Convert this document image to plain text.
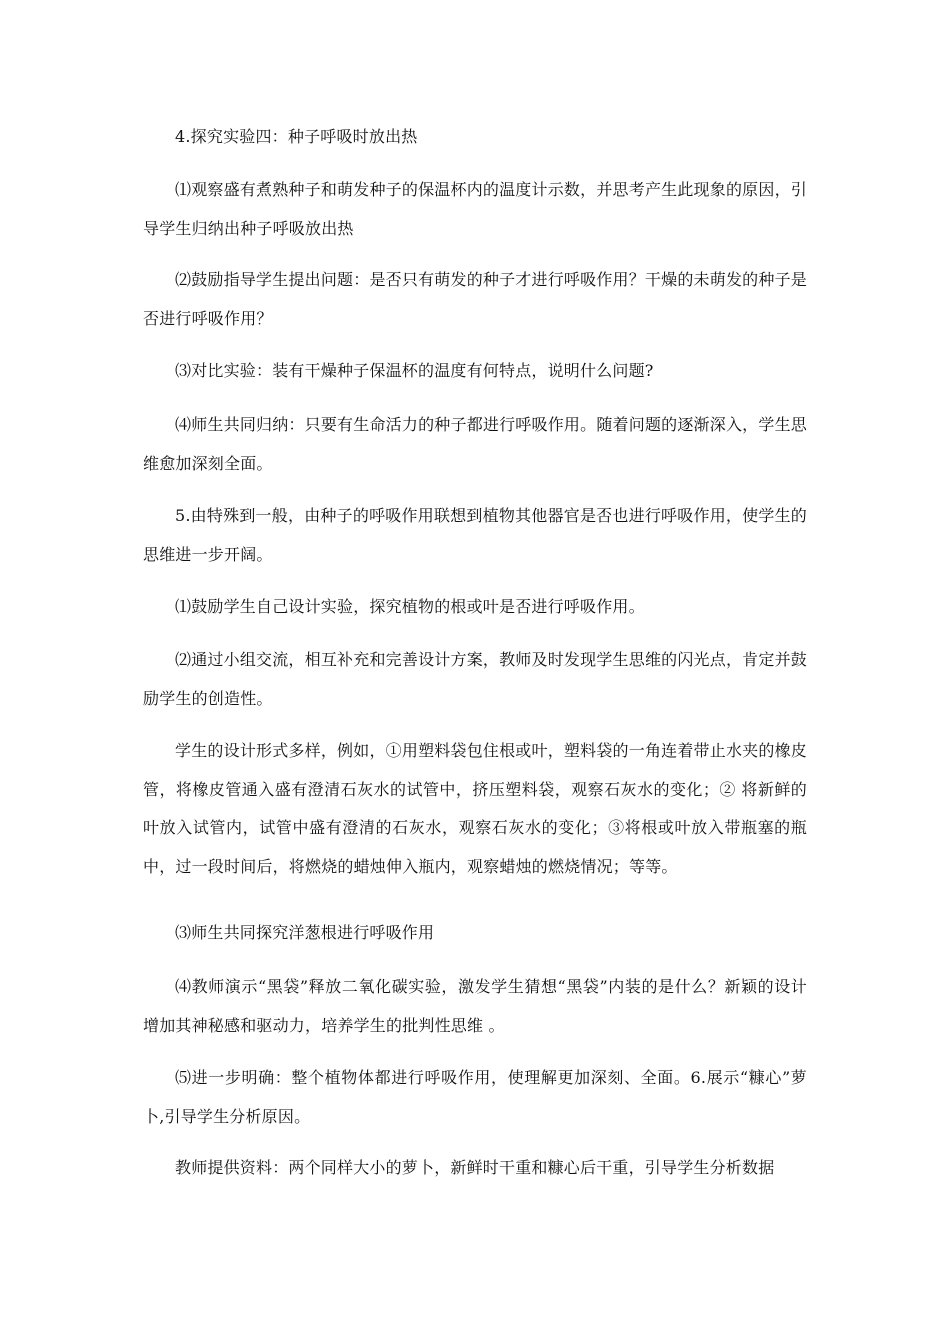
4.探究实验四：种子呼吸时放出热

⑴观察盛有煮熟种子和萌发种子的保温杯内的温度计示数，并思考产生此现象的原因，引导学生归纳出种子呼吸放出热

⑵鼓励指导学生提出问题：是否只有萌发的种子才进行呼吸作用？干燥的未萌发的种子是否进行呼吸作用？

⑶对比实验：装有干燥种子保温杯的温度有何特点，说明什么问题?

⑷师生共同归纳：只要有生命活力的种子都进行呼吸作用。随着问题的逐渐深入，学生思维愈加深刻全面。

5.由特殊到一般，由种子的呼吸作用联想到植物其他器官是否也进行呼吸作用，使学生的思维进一步开阔。

⑴鼓励学生自己设计实验，探究植物的根或叶是否进行呼吸作用。

⑵通过小组交流，相互补充和完善设计方案，教师及时发现学生思维的闪光点，肯定并鼓励学生的创造性。

学生的设计形式多样，例如，①用塑料袋包住根或叶，塑料袋的一角连着带止水夹的橡皮管，将橡皮管通入盛有澄清石灰水的试管中，挤压塑料袋，观察石灰水的变化；② 将新鲜的叶放入试管内，试管中盛有澄清的石灰水，观察石灰水的变化；③将根或叶放入带瓶塞的瓶中，过一段时间后，将燃烧的蜡烛伸入瓶内，观察蜡烛的燃烧情况；等等。

⑶师生共同探究洋葱根进行呼吸作用

⑷教师演示“黑袋”释放二氧化碳实验，激发学生猜想“黑袋”内装的是什么？新颖的设计增加其神秘感和驱动力，培养学生的批判性思维 。

⑸进一步明确：整个植物体都进行呼吸作用，使理解更加深刻、全面。6.展示“糠心”萝卜,引导学生分析原因。

教师提供资料：两个同样大小的萝卜，新鲜时干重和糠心后干重，引导学生分析数据
